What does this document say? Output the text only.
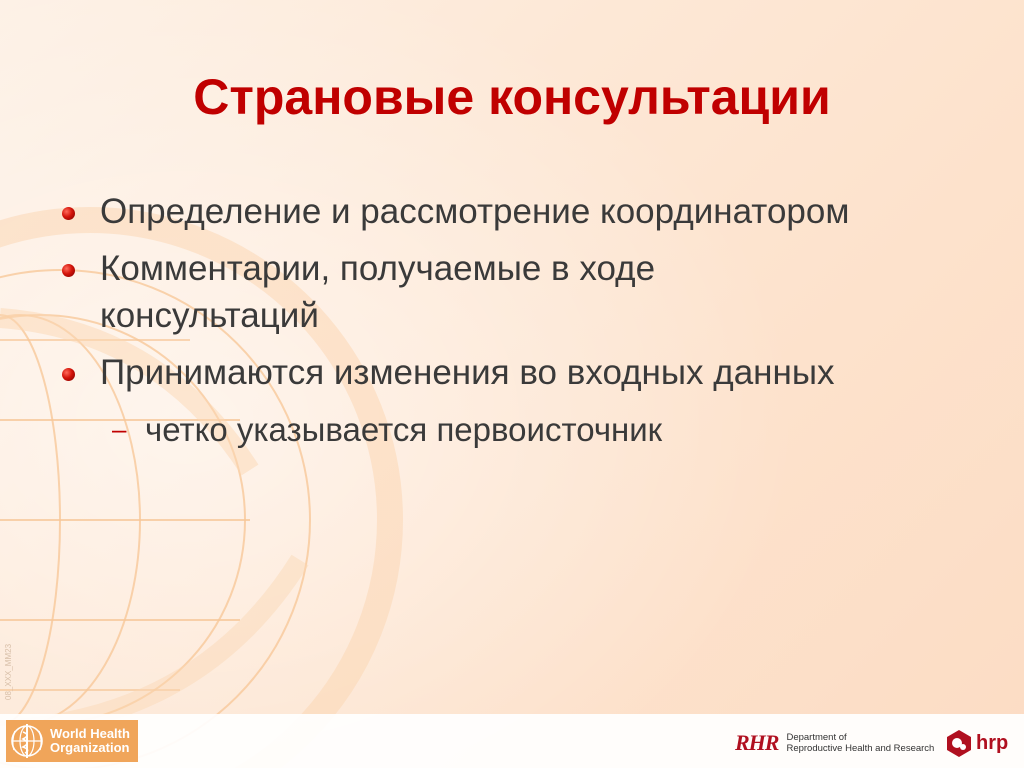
Страновые консультации
Определение и рассмотрение координатором
Комментарии, получаемые в ходе консультаций
Принимаются изменения во входных данных
– четко указывается первоисточник
08_XXX_MM23
World Health
Organization	RHR Department of
Reproductive Health and Research hrp
